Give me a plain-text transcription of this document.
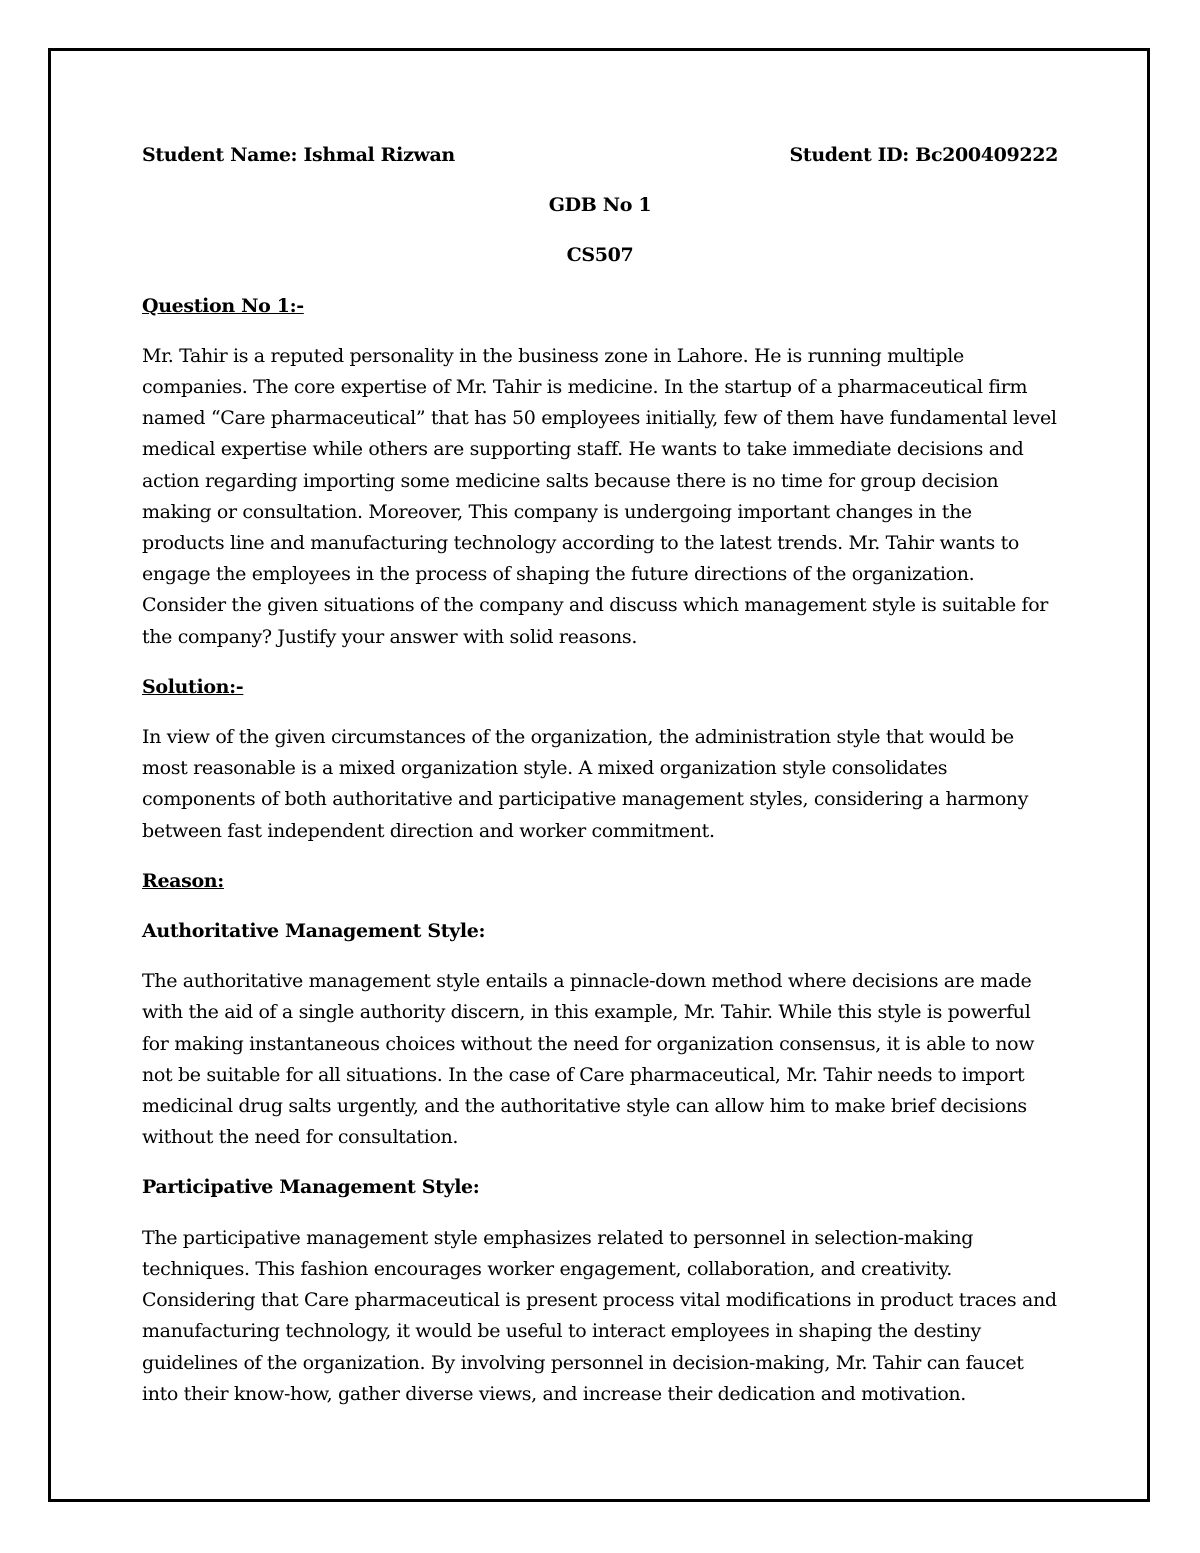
Student Name: Ishmal Rizwan	Student ID: Bc200409222
GDB No 1
CS507
Question No 1:-

Mr. Tahir is a reputed personality in the business zone in Lahore. He is running multiple companies. The core expertise of Mr. Tahir is medicine. In the startup of a pharmaceutical firm named “Care pharmaceutical” that has 50 employees initially, few of them have fundamental level medical expertise while others are supporting staff. He wants to take immediate decisions and action regarding importing some medicine salts because there is no time for group decision making or consultation. Moreover, This company is undergoing important changes in the products line and manufacturing technology according to the latest trends. Mr. Tahir wants to engage the employees in the process of shaping the future directions of the organization. Consider the given situations of the company and discuss which management style is suitable for the company? Justify your answer with solid reasons.

Solution:-

In view of the given circumstances of the organization, the administration style that would be most reasonable is a mixed organization style. A mixed organization style consolidates components of both authoritative and participative management styles, considering a harmony between fast independent direction and worker commitment.

Reason:
Authoritative Management Style:

The authoritative management style entails a pinnacle-down method where decisions are made with the aid of a single authority discern, in this example, Mr. Tahir. While this style is powerful for making instantaneous choices without the need for organization consensus, it is able to now not be suitable for all situations. In the case of Care pharmaceutical, Mr. Tahir needs to import medicinal drug salts urgently, and the authoritative style can allow him to make brief decisions without the need for consultation.

Participative Management Style:

The participative management style emphasizes related to personnel in selection-making techniques. This fashion encourages worker engagement, collaboration, and creativity. Considering that Care pharmaceutical is present process vital modifications in product traces and manufacturing technology, it would be useful to interact employees in shaping the destiny guidelines of the organization. By involving personnel in decision-making, Mr. Tahir can faucet into their know-how, gather diverse views, and increase their dedication and motivation.
